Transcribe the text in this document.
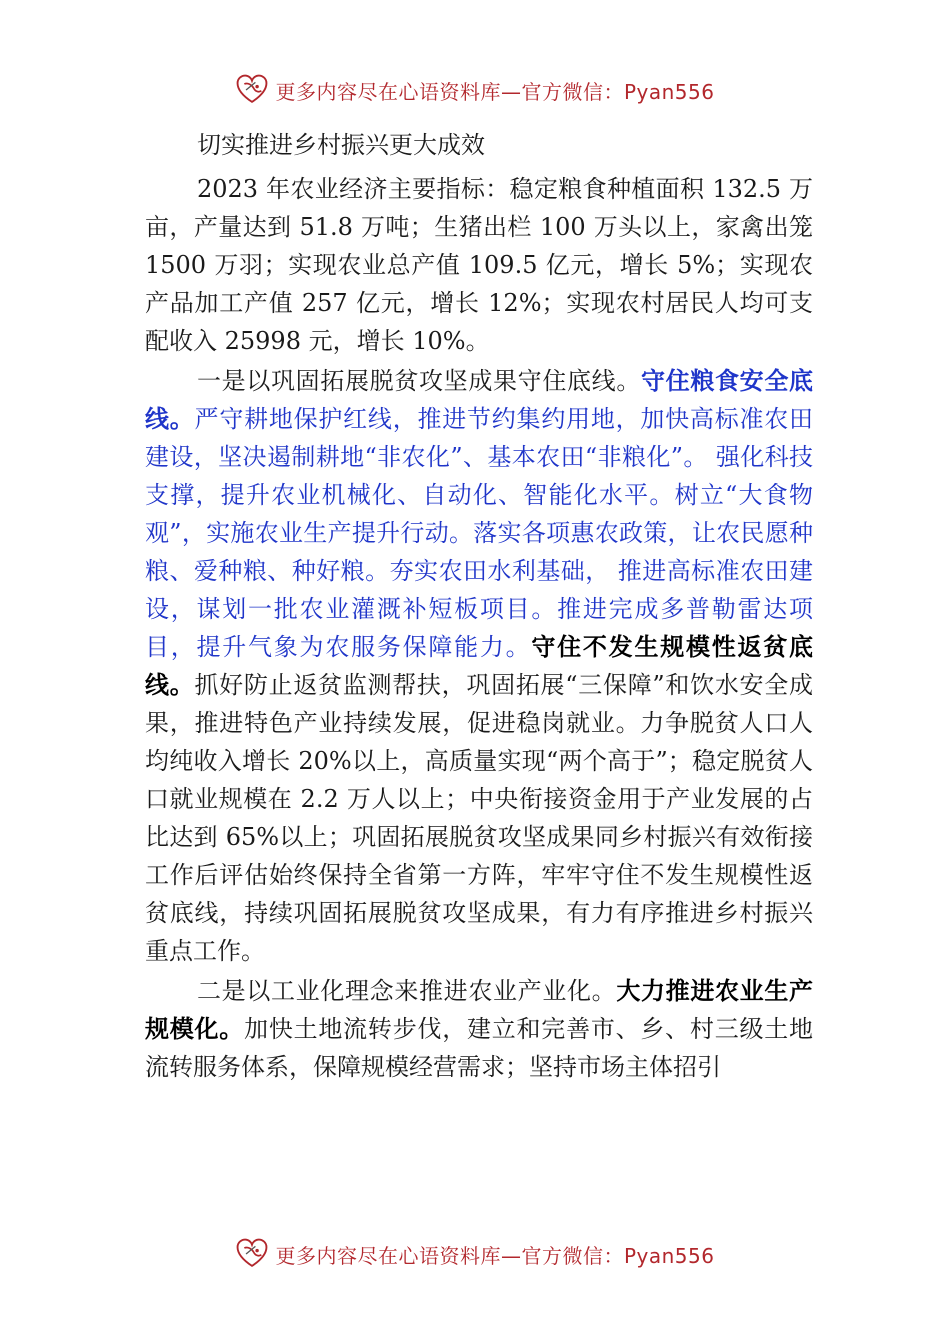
更多内容尽在心语资料库—官方微信：Pyan556
切实推进乡村振兴更大成效

2023 年农业经济主要指标：稳定粮食种植面积 132.5 万亩，产量达到 51.8 万吨；生猪出栏 100 万头以上，家禽出笼 1500 万羽；实现农业总产值 109.5 亿元，增长 5%；实现农产品加工产值 257 亿元，增长 12%；实现农村居民人均可支配收入 25998 元，增长 10%。

一是以巩固拓展脱贫攻坚成果守住底线。守住粮食安全底线。严守耕地保护红线，推进节约集约用地，加快高标准农田建设，坚决遏制耕地“非农化”、基本农田“非粮化”。 强化科技支撑，提升农业机械化、自动化、智能化水平。树立“大食物观”，实施农业生产提升行动。落实各项惠农政策，让农民愿种粮、爱种粮、种好粮。夯实农田水利基础， 推进高标准农田建设，谋划一批农业灌溉补短板项目。推进完成多普勒雷达项目，提升气象为农服务保障能力。守住不发生规模性返贫底线。抓好防止返贫监测帮扶，巩固拓展“三保障”和饮水安全成果，推进特色产业持续发展，促进稳岗就业。力争脱贫人口人均纯收入增长 20%以上，高质量实现“两个高于”；稳定脱贫人口就业规模在 2.2 万人以上；中央衔接资金用于产业发展的占比达到 65%以上；巩固拓展脱贫攻坚成果同乡村振兴有效衔接工作后评估始终保持全省第一方阵，牢牢守住不发生规模性返贫底线，持续巩固拓展脱贫攻坚成果，有力有序推进乡村振兴重点工作。

二是以工业化理念来推进农业产业化。大力推进农业生产规模化。加快土地流转步伐，建立和完善市、乡、村三级土地流转服务体系，保障规模经营需求；坚持市场主体招引

更多内容尽在心语资料库—官方微信：Pyan556
